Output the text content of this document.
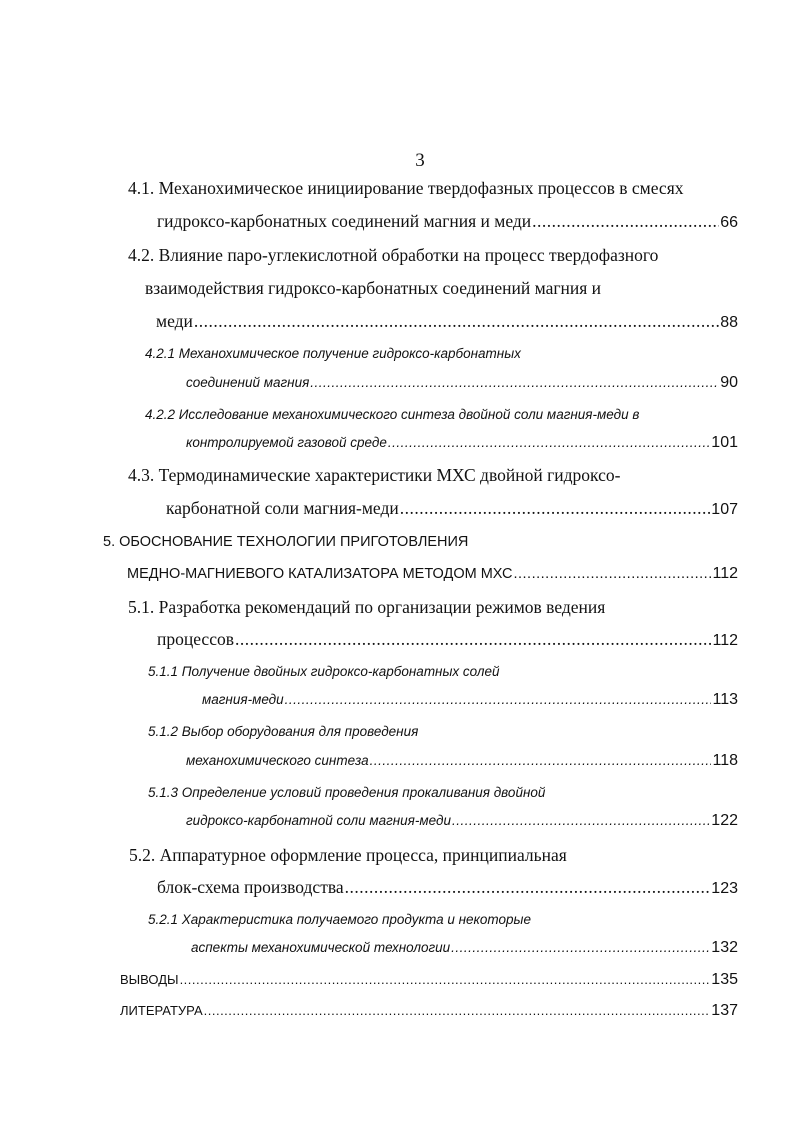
3
4.1. Механохимическое инициирование твердофазных процессов в смесях
гидроксо-карбонатных соединений магния и меди .....	66
4.2. Влияние паро-углекислотной обработки на процесс твердофазного
взаимодействия гидроксо-карбонатных соединений магния и
меди .....	88
4.2.1 Механохимическое получение гидроксо-карбонатных
соединений магния .....	90
4.2.2 Исследование механохимического синтеза двойной соли магния-меди в
контролируемой газовой среде .....	101
4.3. Термодинамические характеристики МХС двойной гидроксо-
карбонатной соли магния-меди .....	107
5. ОБОСНОВАНИЕ ТЕХНОЛОГИИ ПРИГОТОВЛЕНИЯ
МЕДНО-МАГНИЕВОГО КАТАЛИЗАТОРА МЕТОДОМ МХС .....	112
5.1. Разработка рекомендаций по организации режимов ведения
процессов .....	112
5.1.1 Получение двойных гидроксо-карбонатных солей
магния-меди .....	113
5.1.2 Выбор оборудования для проведения
механохимического синтеза .....	118
5.1.3 Определение условий проведения прокаливания двойной
гидроксо-карбонатной соли магния-меди .....	122
5.2. Аппаратурное оформление процесса, принципиальная
блок-схема производства .....	123
5.2.1 Характеристика получаемого продукта и некоторые
аспекты механохимической технологии .....	132
ВЫВОДЫ .....	135
ЛИТЕРАТУРА .....	137
